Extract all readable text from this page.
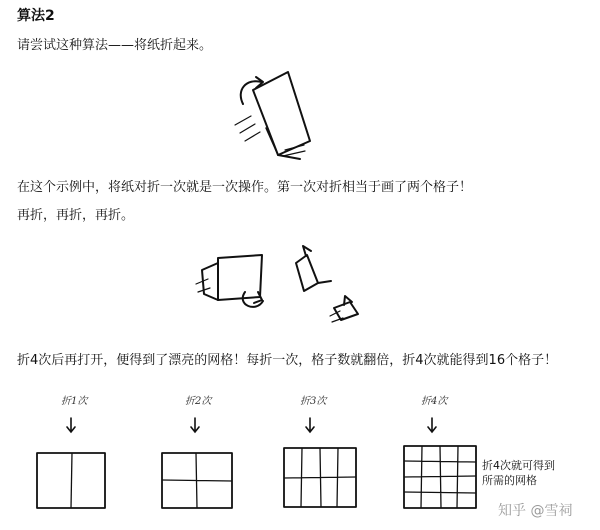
算法2
请尝试这种算法——将纸折起来。
在这个示例中，将纸对折一次就是一次操作。第一次对折相当于画了两个格子！
再折，再折，再折。
折4次后再打开，便得到了漂亮的网格！每折一次，格子数就翻倍，折4次就能得到16个格子！
折1次	折2次	折3次	折4次
折4次就可得到
所需的网格
知乎 @雪祠
